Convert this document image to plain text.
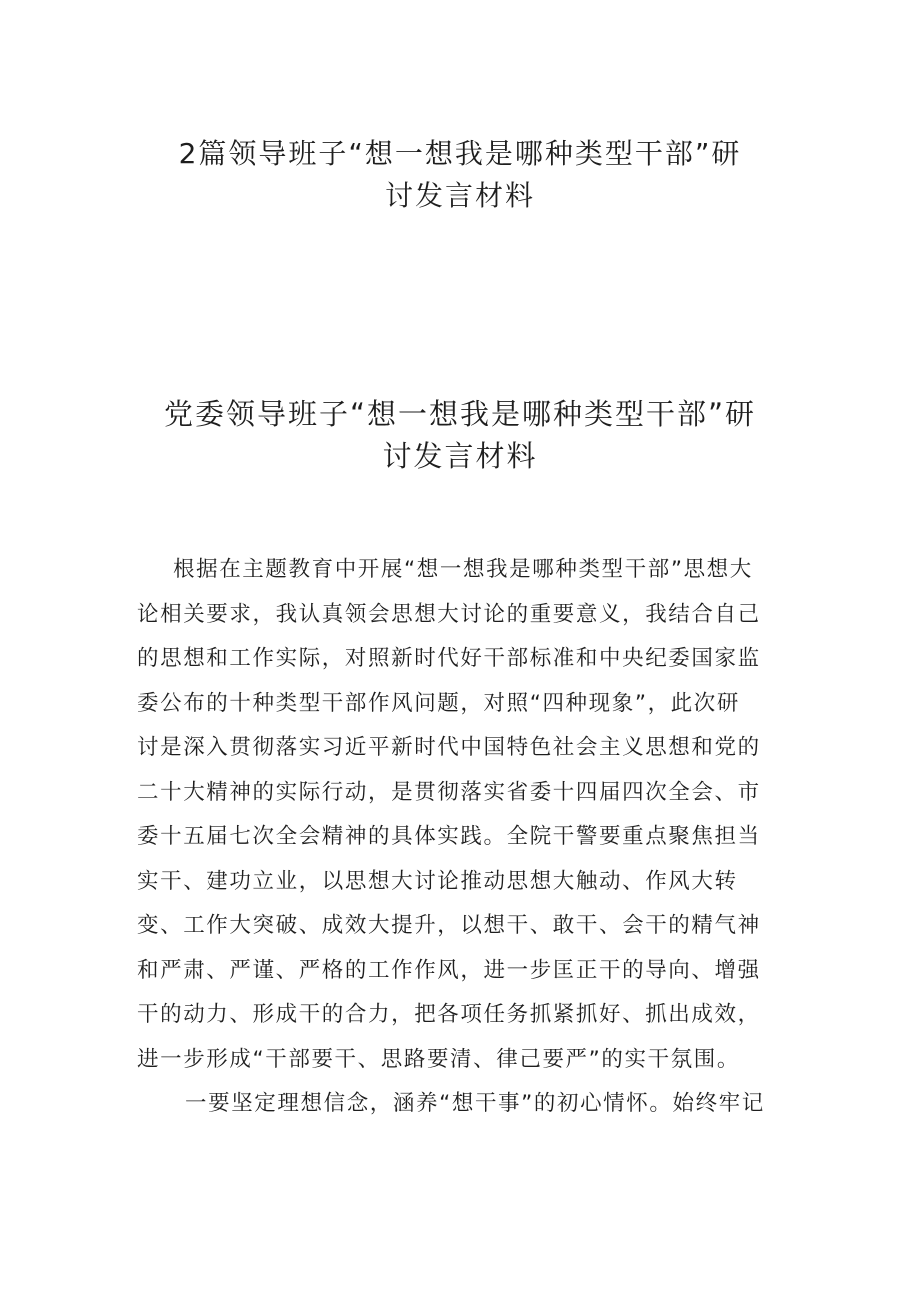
2篇领导班子“想一想我是哪种类型干部”研
讨发言材料
党委领导班子“想一想我是哪种类型干部”研
讨发言材料
根据在主题教育中开展“想一想我是哪种类型干部”思想大
论相关要求，我认真领会思想大讨论的重要意义，我结合自己
的思想和工作实际，对照新时代好干部标准和中央纪委国家监
委公布的十种类型干部作风问题，对照“四种现象”，此次研
讨是深入贯彻落实习近平新时代中国特色社会主义思想和党的
二十大精神的实际行动，是贯彻落实省委十四届四次全会、市
委十五届七次全会精神的具体实践。全院干警要重点聚焦担当
实干、建功立业，以思想大讨论推动思想大触动、作风大转
变、工作大突破、成效大提升，以想干、敢干、会干的精气神
和严肃、严谨、严格的工作作风，进一步匡正干的导向、增强
干的动力、形成干的合力，把各项任务抓紧抓好、抓出成效，
进一步形成“干部要干、思路要清、律己要严”的实干氛围。
一要坚定理想信念，涵养“想干事”的初心情怀。始终牢记
